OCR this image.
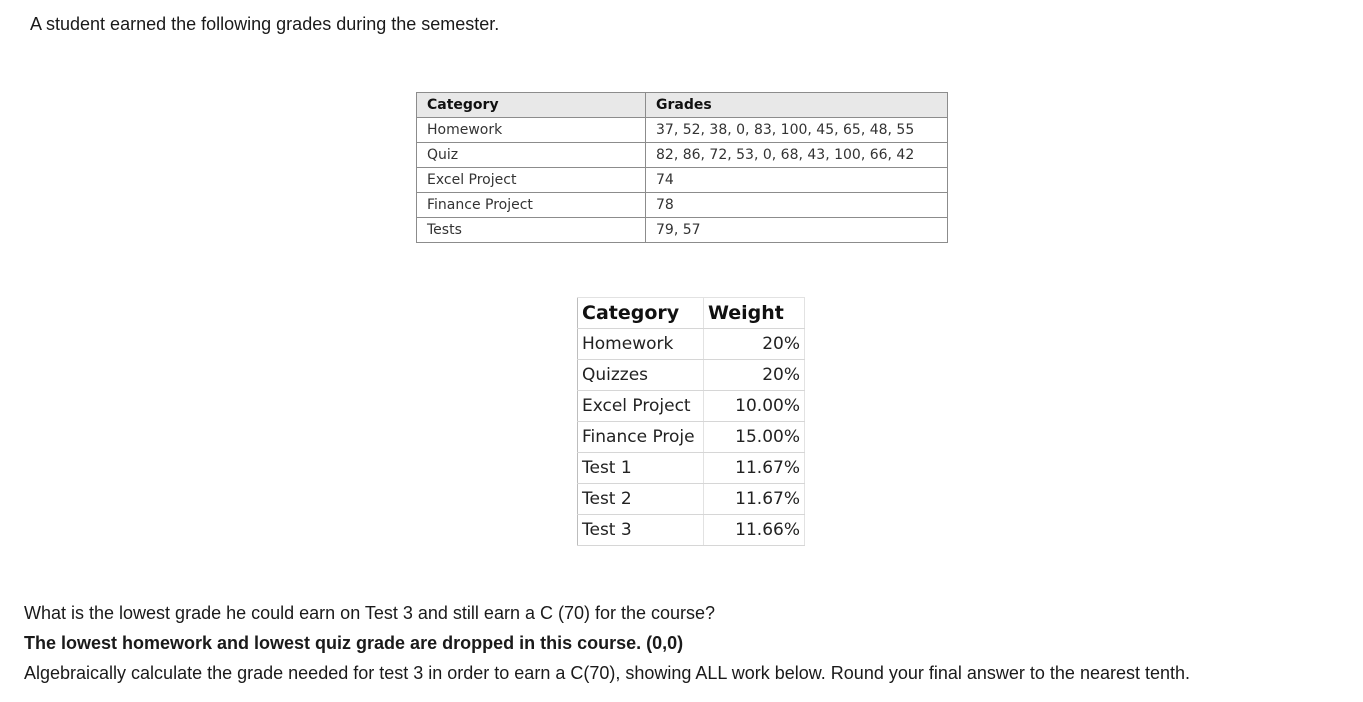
A student earned the following grades during the semester.

Category	Grades
Homework	37, 52, 38, 0, 83, 100, 45, 65, 48, 55
Quiz	82, 86, 72, 53, 0, 68, 43, 100, 66, 42
Excel Project	74
Finance Project	78
Tests	79, 57
Category	Weight
Homework	20%
Quizzes	20%
Excel Project	10.00%
Finance Proje	15.00%
Test 1	11.67%
Test 2	11.67%
Test 3	11.66%

What is the lowest grade he could earn on Test 3 and still earn a C (70) for the course?

The lowest homework and lowest quiz grade are dropped in this course. (0,0)

Algebraically calculate the grade needed for test 3 in order to earn a C(70), showing ALL work below. Round your final answer to the nearest tenth.
